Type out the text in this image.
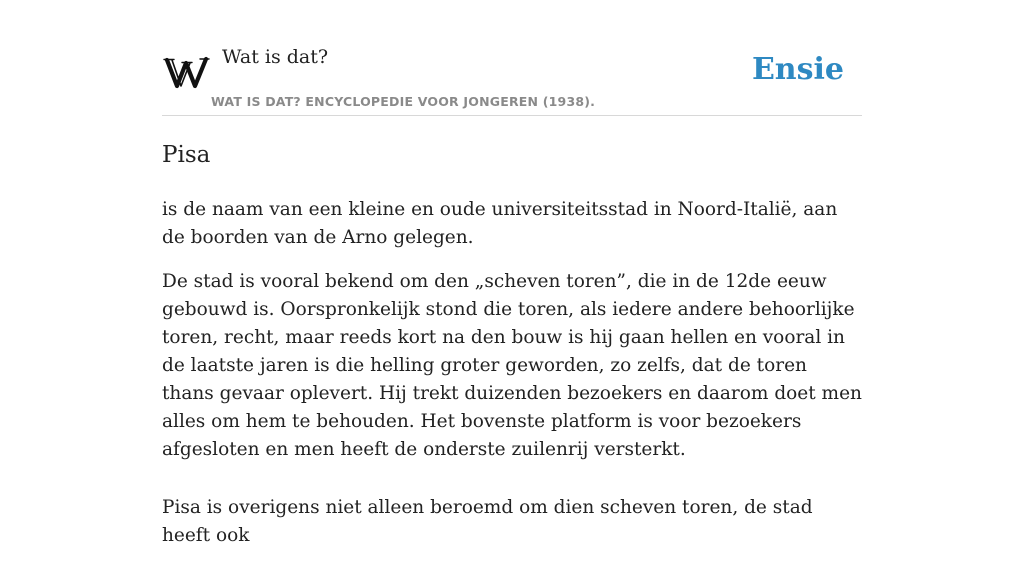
Wat is dat?
WAT IS DAT? ENCYCLOPEDIE VOOR JONGEREN (1938).
Ensie
Pisa

is de naam van een kleine en oude universiteitsstad in Noord-Italië, aan de boorden van de Arno gelegen.

De stad is vooral bekend om den „scheven toren”, die in de 12de eeuw gebouwd is. Oorspronkelijk stond die toren, als iedere andere behoorlijke toren, recht, maar reeds kort na den bouw is hij gaan hellen en vooral in de laatste jaren is die helling groter geworden, zo zelfs, dat de toren thans gevaar oplevert. Hij trekt duizenden bezoekers en daarom doet men alles om hem te behouden. Het bovenste platform is voor bezoekers afgesloten en men heeft de onderste zuilenrij versterkt.

Pisa is overigens niet alleen beroemd om dien scheven toren, de stad heeft ook
